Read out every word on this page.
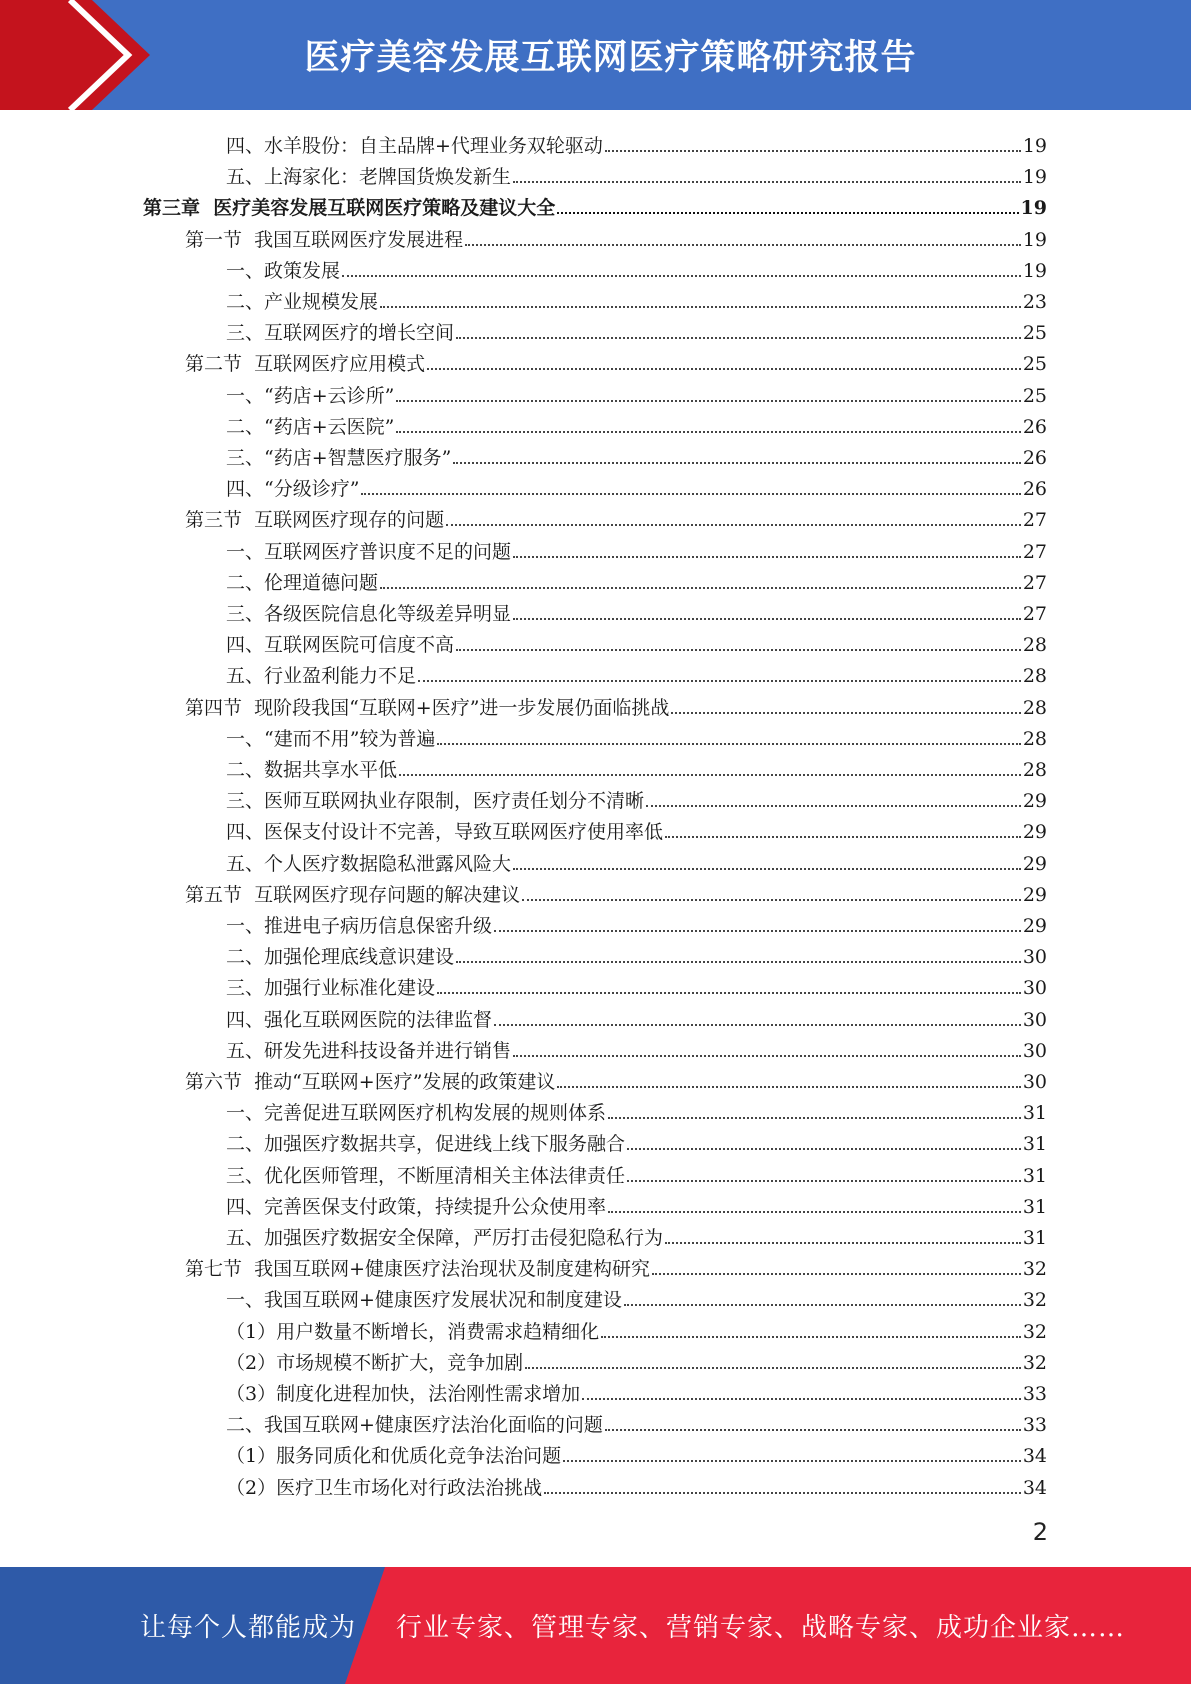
医疗美容发展互联网医疗策略研究报告
四、水羊股份：自主品牌+代理业务双轮驱动	19
五、上海家化：老牌国货焕发新生	19
第三章  医疗美容发展互联网医疗策略及建议大全	19
第一节  我国互联网医疗发展进程	19
一、政策发展	19
二、产业规模发展	23
三、互联网医疗的增长空间	25
第二节  互联网医疗应用模式	25
一、“药店+云诊所”	25
二、“药店+云医院”	26
三、“药店+智慧医疗服务”	26
四、“分级诊疗”	26
第三节  互联网医疗现存的问题	27
一、互联网医疗普识度不足的问题	27
二、伦理道德问题	27
三、各级医院信息化等级差异明显	27
四、互联网医院可信度不高	28
五、行业盈利能力不足	28
第四节  现阶段我国“互联网+医疗”进一步发展仍面临挑战	28
一、“建而不用”较为普遍	28
二、数据共享水平低	28
三、医师互联网执业存限制，医疗责任划分不清晰	29
四、医保支付设计不完善，导致互联网医疗使用率低	29
五、个人医疗数据隐私泄露风险大	29
第五节  互联网医疗现存问题的解决建议	29
一、推进电子病历信息保密升级	29
二、加强伦理底线意识建设	30
三、加强行业标准化建设	30
四、强化互联网医院的法律监督	30
五、研发先进科技设备并进行销售	30
第六节  推动“互联网+医疗”发展的政策建议	30
一、完善促进互联网医疗机构发展的规则体系	31
二、加强医疗数据共享，促进线上线下服务融合	31
三、优化医师管理，不断厘清相关主体法律责任	31
四、完善医保支付政策，持续提升公众使用率	31
五、加强医疗数据安全保障，严厉打击侵犯隐私行为	31
第七节  我国互联网+健康医疗法治现状及制度建构研究	32
一、我国互联网+健康医疗发展状况和制度建设	32
（1）用户数量不断增长，消费需求趋精细化	32
（2）市场规模不断扩大，竞争加剧	32
（3）制度化进程加快，法治刚性需求增加	33
二、我国互联网+健康医疗法治化面临的问题	33
（1）服务同质化和优质化竞争法治问题	34
（2）医疗卫生市场化对行政法治挑战	34
2
让每个人都能成为 行业专家、管理专家、营销专家、战略专家、成功企业家……
